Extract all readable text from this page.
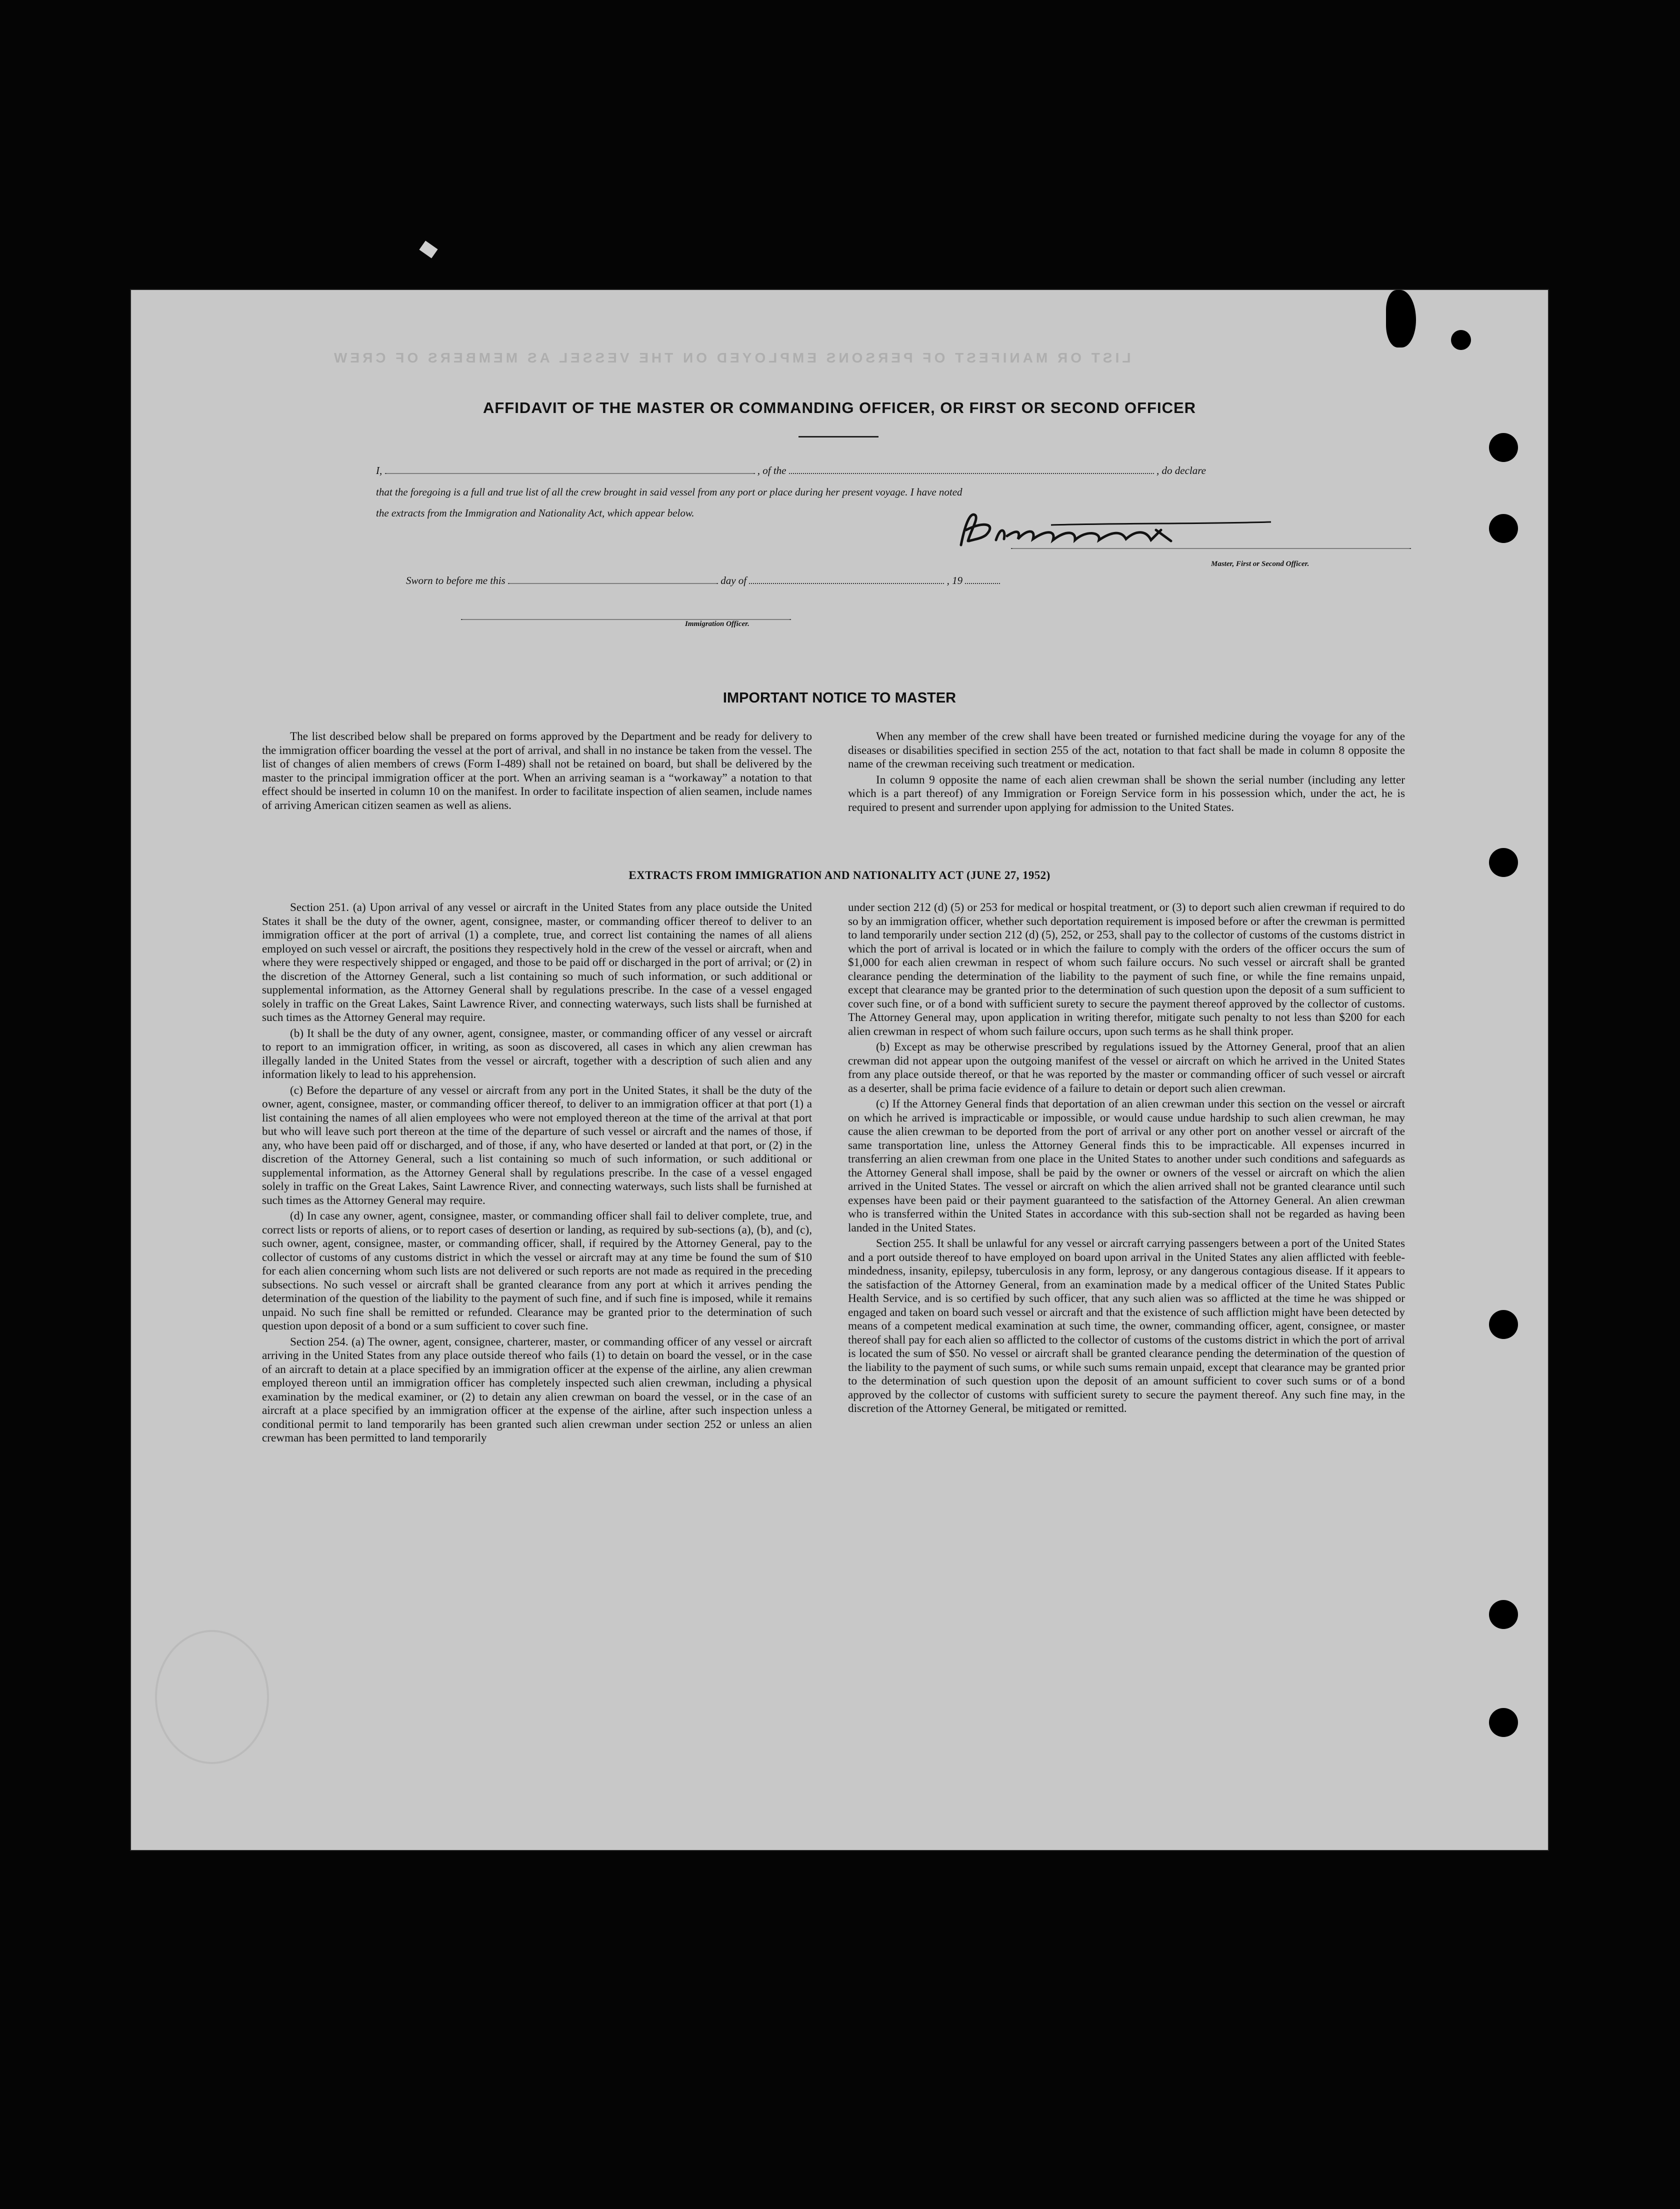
LIST OR MANIFEST OF PERSONS EMPLOYED ON THE VESSEL AS MEMBERS OF CREW
AFFIDAVIT OF THE MASTER OR COMMANDING OFFICER, OR FIRST OR SECOND OFFICER
I,	, of the	, do declare
that the foregoing is a full and true list of all the crew brought in said vessel from any port or place during her present voyage. I have noted
the extracts from the Immigration and Nationality Act, which appear below.
Master, First or Second Officer.
Sworn to before me this	day of	, 19
Immigration Officer.
IMPORTANT NOTICE TO MASTER

The list described below shall be prepared on forms approved by the Department and be ready for delivery to the immigration officer boarding the vessel at the port of arrival, and shall in no instance be taken from the vessel. The list of changes of alien members of crews (Form I-489) shall not be retained on board, but shall be delivered by the master to the principal immigration officer at the port. When an arriving seaman is a “workaway” a notation to that effect should be inserted in column 10 on the manifest. In order to facilitate inspection of alien seamen, include names of arriving American citizen seamen as well as aliens.

When any member of the crew shall have been treated or furnished medicine during the voyage for any of the diseases or disabilities specified in section 255 of the act, notation to that fact shall be made in column 8 opposite the name of the crewman receiving such treatment or medication.

In column 9 opposite the name of each alien crewman shall be shown the serial number (including any letter which is a part thereof) of any Immigration or Foreign Service form in his possession which, under the act, he is required to present and surrender upon applying for admission to the United States.

EXTRACTS FROM IMMIGRATION AND NATIONALITY ACT (JUNE 27, 1952)

Section 251. (a) Upon arrival of any vessel or aircraft in the United States from any place outside the United States it shall be the duty of the owner, agent, consignee, master, or commanding officer thereof to deliver to an immigration officer at the port of arrival (1) a complete, true, and correct list containing the names of all aliens employed on such vessel or aircraft, the positions they respectively hold in the crew of the vessel or aircraft, when and where they were respectively shipped or engaged, and those to be paid off or discharged in the port of arrival; or (2) in the discretion of the Attorney General, such a list containing so much of such information, or such additional or supplemental information, as the Attorney General shall by regulations prescribe. In the case of a vessel engaged solely in traffic on the Great Lakes, Saint Lawrence River, and connecting waterways, such lists shall be furnished at such times as the Attorney General may require.

(b) It shall be the duty of any owner, agent, consignee, master, or commanding officer of any vessel or aircraft to report to an immigration officer, in writing, as soon as discovered, all cases in which any alien crewman has illegally landed in the United States from the vessel or aircraft, together with a description of such alien and any information likely to lead to his apprehension.

(c) Before the departure of any vessel or aircraft from any port in the United States, it shall be the duty of the owner, agent, consignee, master, or commanding officer thereof, to deliver to an immigration officer at that port (1) a list containing the names of all alien employees who were not employed thereon at the time of the arrival at that port but who will leave such port thereon at the time of the departure of such vessel or aircraft and the names of those, if any, who have been paid off or discharged, and of those, if any, who have deserted or landed at that port, or (2) in the discretion of the Attorney General, such a list containing so much of such information, or such additional or supplemental information, as the Attorney General shall by regulations prescribe. In the case of a vessel engaged solely in traffic on the Great Lakes, Saint Lawrence River, and connecting waterways, such lists shall be furnished at such times as the Attorney General may require.

(d) In case any owner, agent, consignee, master, or commanding officer shall fail to deliver complete, true, and correct lists or reports of aliens, or to report cases of desertion or landing, as required by sub-sections (a), (b), and (c), such owner, agent, consignee, master, or commanding officer, shall, if required by the Attorney General, pay to the collector of customs of any customs district in which the vessel or aircraft may at any time be found the sum of $10 for each alien concerning whom such lists are not delivered or such reports are not made as required in the preceding subsections. No such vessel or aircraft shall be granted clearance from any port at which it arrives pending the determination of the question of the liability to the payment of such fine, and if such fine is imposed, while it remains unpaid. No such fine shall be remitted or refunded. Clearance may be granted prior to the determination of such question upon deposit of a bond or a sum sufficient to cover such fine.

Section 254. (a) The owner, agent, consignee, charterer, master, or commanding officer of any vessel or aircraft arriving in the United States from any place outside thereof who fails (1) to detain on board the vessel, or in the case of an aircraft to detain at a place specified by an immigration officer at the expense of the airline, any alien crewman employed thereon until an immigration officer has completely inspected such alien crewman, including a physical examination by the medical examiner, or (2) to detain any alien crewman on board the vessel, or in the case of an aircraft at a place specified by an immigration officer at the expense of the airline, after such inspection unless a conditional permit to land temporarily has been granted such alien crewman under section 252 or unless an alien crewman has been permitted to land temporarily

under section 212 (d) (5) or 253 for medical or hospital treatment, or (3) to deport such alien crewman if required to do so by an immigration officer, whether such deportation requirement is imposed before or after the crewman is permitted to land temporarily under section 212 (d) (5), 252, or 253, shall pay to the collector of customs of the customs district in which the port of arrival is located or in which the failure to comply with the orders of the officer occurs the sum of $1,000 for each alien crewman in respect of whom such failure occurs. No such vessel or aircraft shall be granted clearance pending the determination of the liability to the payment of such fine, or while the fine remains unpaid, except that clearance may be granted prior to the determination of such question upon the deposit of a sum sufficient to cover such fine, or of a bond with sufficient surety to secure the payment thereof approved by the collector of customs. The Attorney General may, upon application in writing therefor, mitigate such penalty to not less than $200 for each alien crewman in respect of whom such failure occurs, upon such terms as he shall think proper.

(b) Except as may be otherwise prescribed by regulations issued by the Attorney General, proof that an alien crewman did not appear upon the outgoing manifest of the vessel or aircraft on which he arrived in the United States from any place outside thereof, or that he was reported by the master or commanding officer of such vessel or aircraft as a deserter, shall be prima facie evidence of a failure to detain or deport such alien crewman.

(c) If the Attorney General finds that deportation of an alien crewman under this section on the vessel or aircraft on which he arrived is impracticable or impossible, or would cause undue hardship to such alien crewman, he may cause the alien crewman to be deported from the port of arrival or any other port on another vessel or aircraft of the same transportation line, unless the Attorney General finds this to be impracticable. All expenses incurred in transferring an alien crewman from one place in the United States to another under such conditions and safeguards as the Attorney General shall impose, shall be paid by the owner or owners of the vessel or aircraft on which the alien arrived in the United States. The vessel or aircraft on which the alien arrived shall not be granted clearance until such expenses have been paid or their payment guaranteed to the satisfaction of the Attorney General. An alien crewman who is transferred within the United States in accordance with this sub-section shall not be regarded as having been landed in the United States.

Section 255. It shall be unlawful for any vessel or aircraft carrying passengers between a port of the United States and a port outside thereof to have employed on board upon arrival in the United States any alien afflicted with feeble-mindedness, insanity, epilepsy, tuberculosis in any form, leprosy, or any dangerous contagious disease. If it appears to the satisfaction of the Attorney General, from an examination made by a medical officer of the United States Public Health Service, and is so certified by such officer, that any such alien was so afflicted at the time he was shipped or engaged and taken on board such vessel or aircraft and that the existence of such affliction might have been detected by means of a competent medical examination at such time, the owner, commanding officer, agent, consignee, or master thereof shall pay for each alien so afflicted to the collector of customs of the customs district in which the port of arrival is located the sum of $50. No vessel or aircraft shall be granted clearance pending the determination of the question of the liability to the payment of such sums, or while such sums remain unpaid, except that clearance may be granted prior to the determination of such question upon the deposit of an amount sufficient to cover such sums or of a bond approved by the collector of customs with sufficient surety to secure the payment thereof. Any such fine may, in the discretion of the Attorney General, be mitigated or remitted.
